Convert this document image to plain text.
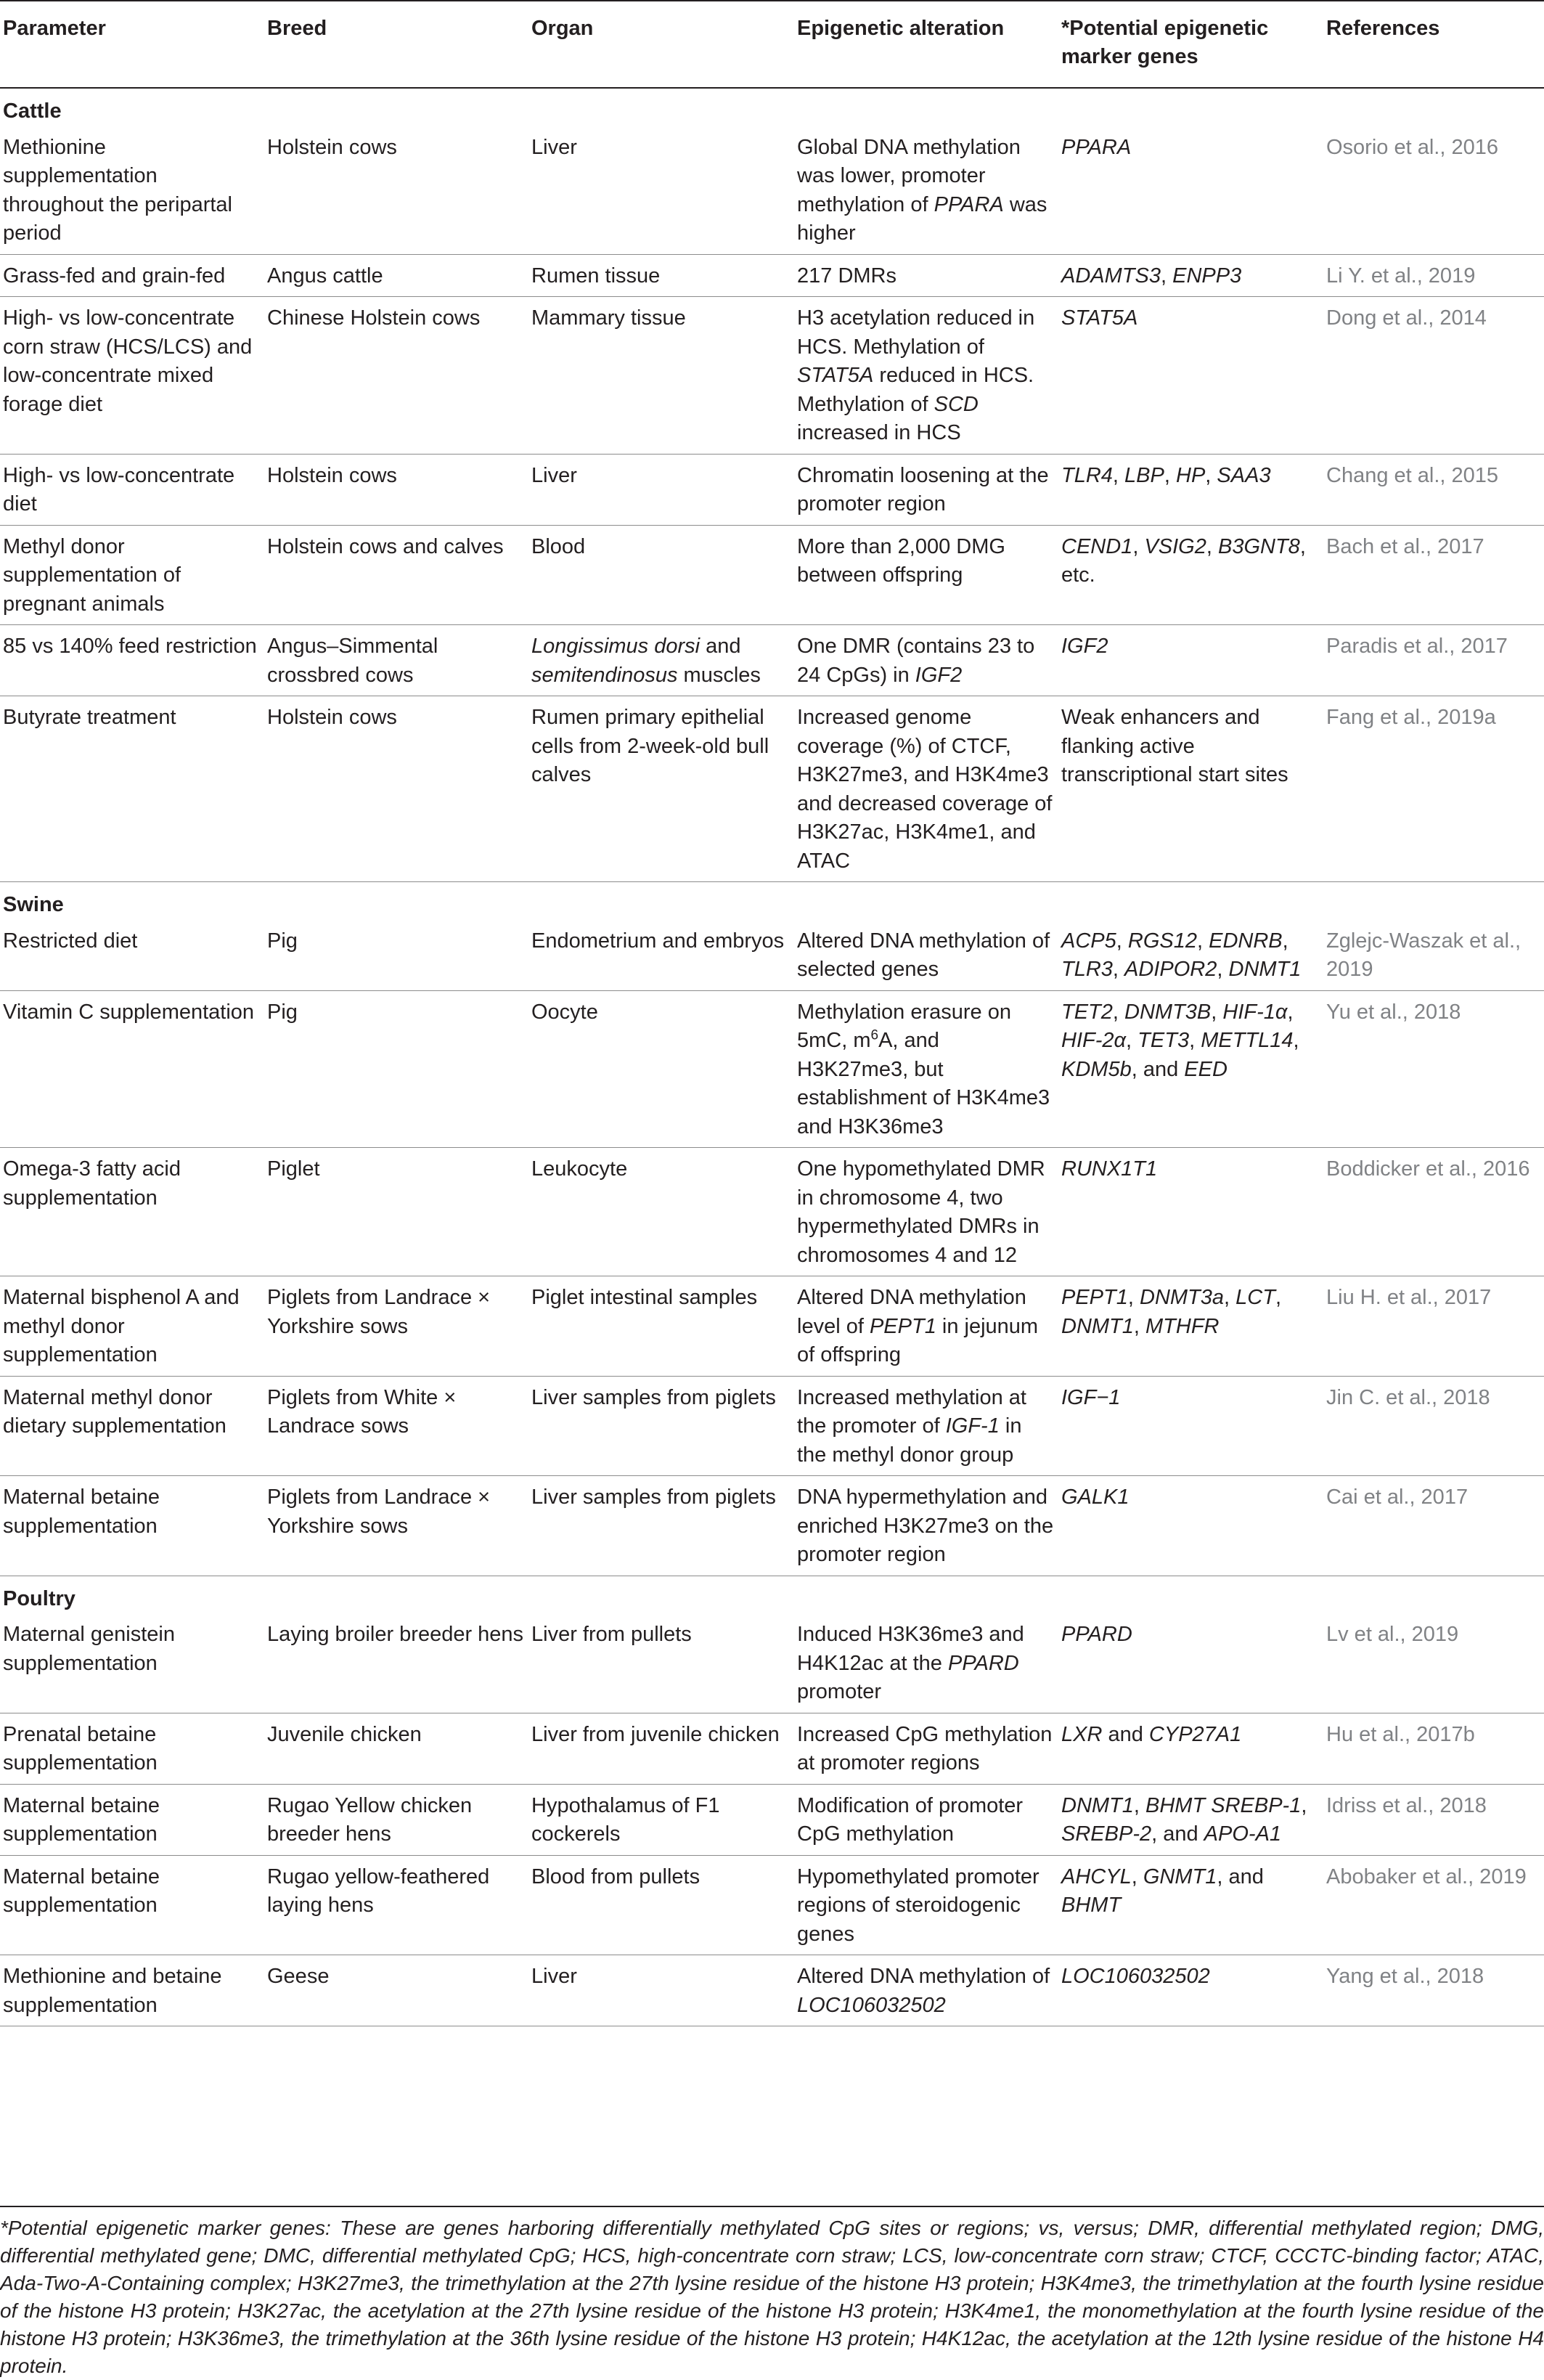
Parameter	Breed	Organ	Epigenetic alteration	*Potential epigenetic marker genes	References
Cattle					
Methionine supplementation throughout the peripartal period	Holstein cows	Liver	Global DNA methylation was lower, promoter methylation of PPARA was higher	PPARA	Osorio et al., 2016
Grass-fed and grain-fed	Angus cattle	Rumen tissue	217 DMRs	ADAMTS3, ENPP3	Li Y. et al., 2019
High- vs low-concentrate corn straw (HCS/LCS) and low-concentrate mixed forage diet	Chinese Holstein cows	Mammary tissue	H3 acetylation reduced in HCS. Methylation of STAT5A reduced in HCS. Methylation of SCD increased in HCS	STAT5A	Dong et al., 2014
High- vs low-concentrate diet	Holstein cows	Liver	Chromatin loosening at the promoter region	TLR4, LBP, HP, SAA3	Chang et al., 2015
Methyl donor supplementation of pregnant animals	Holstein cows and calves	Blood	More than 2,000 DMG between offspring	CEND1, VSIG2, B3GNT8, etc.	Bach et al., 2017
85 vs 140% feed restriction	Angus–Simmental crossbred cows	Longissimus dorsi and semitendinosus muscles	One DMR (contains 23 to 24 CpGs) in IGF2	IGF2	Paradis et al., 2017
Butyrate treatment	Holstein cows	Rumen primary epithelial cells from 2-week-old bull calves	Increased genome coverage (%) of CTCF, H3K27me3, and H3K4me3 and decreased coverage of H3K27ac, H3K4me1, and ATAC	Weak enhancers and flanking active transcriptional start sites	Fang et al., 2019a
Swine					
Restricted diet	Pig	Endometrium and embryos	Altered DNA methylation of selected genes	ACP5, RGS12, EDNRB, TLR3, ADIPOR2, DNMT1	Zglejc-Waszak et al., 2019
Vitamin C supplementation	Pig	Oocyte	Methylation erasure on 5mC, $m^6A$, and H3K27me3, but establishment of H3K4me3 and H3K36me3	TET2, DNMT3B, HIF-1α, HIF-2α, TET3, METTL14, KDM5b, and EED	Yu et al., 2018
Omega-3 fatty acid supplementation	Piglet	Leukocyte	One hypomethylated DMR in chromosome 4, two hypermethylated DMRs in chromosomes 4 and 12	RUNX1T1	Boddicker et al., 2016
Maternal bisphenol A and methyl donor supplementation	Piglets from Landrace × Yorkshire sows	Piglet intestinal samples	Altered DNA methylation level of PEPT1 in jejunum of offspring	PEPT1, DNMT3a, LCT, DNMT1, MTHFR	Liu H. et al., 2017
Maternal methyl donor dietary supplementation	Piglets from White × Landrace sows	Liver samples from piglets	Increased methylation at the promoter of IGF-1 in the methyl donor group	IGF−1	Jin C. et al., 2018
Maternal betaine supplementation	Piglets from Landrace × Yorkshire sows	Liver samples from piglets	DNA hypermethylation and enriched H3K27me3 on the promoter region	GALK1	Cai et al., 2017
Poultry					
Maternal genistein supplementation	Laying broiler breeder hens	Liver from pullets	Induced H3K36me3 and H4K12ac at the PPARD promoter	PPARD	Lv et al., 2019
Prenatal betaine supplementation	Juvenile chicken	Liver from juvenile chicken	Increased CpG methylation at promoter regions	LXR and CYP27A1	Hu et al., 2017b
Maternal betaine supplementation	Rugao Yellow chicken breeder hens	Hypothalamus of F1 cockerels	Modification of promoter CpG methylation	DNMT1, BHMT SREBP-1, SREBP-2, and APO-A1	Idriss et al., 2018
Maternal betaine supplementation	Rugao yellow-feathered laying hens	Blood from pullets	Hypomethylated promoter regions of steroidogenic genes	AHCYL, GNMT1, and BHMT	Abobaker et al., 2019
Methionine and betaine supplementation	Geese	Liver	Altered DNA methylation of LOC106032502	LOC106032502	Yang et al., 2018
*Potential epigenetic marker genes: These are genes harboring differentially methylated CpG sites or regions; vs, versus; DMR, differential methylated region; DMG, differential methylated gene; DMC, differential methylated CpG; HCS, high-concentrate corn straw; LCS, low-concentrate corn straw; CTCF, CCCTC-binding factor; ATAC, Ada-Two-A-Containing complex; H3K27me3, the trimethylation at the 27th lysine residue of the histone H3 protein; H3K4me3, the trimethylation at the fourth lysine residue of the histone H3 protein; H3K27ac, the acetylation at the 27th lysine residue of the histone H3 protein; H3K4me1, the monomethylation at the fourth lysine residue of the histone H3 protein; H3K36me3, the trimethylation at the 36th lysine residue of the histone H3 protein; H4K12ac, the acetylation at the 12th lysine residue of the histone H4 protein.
